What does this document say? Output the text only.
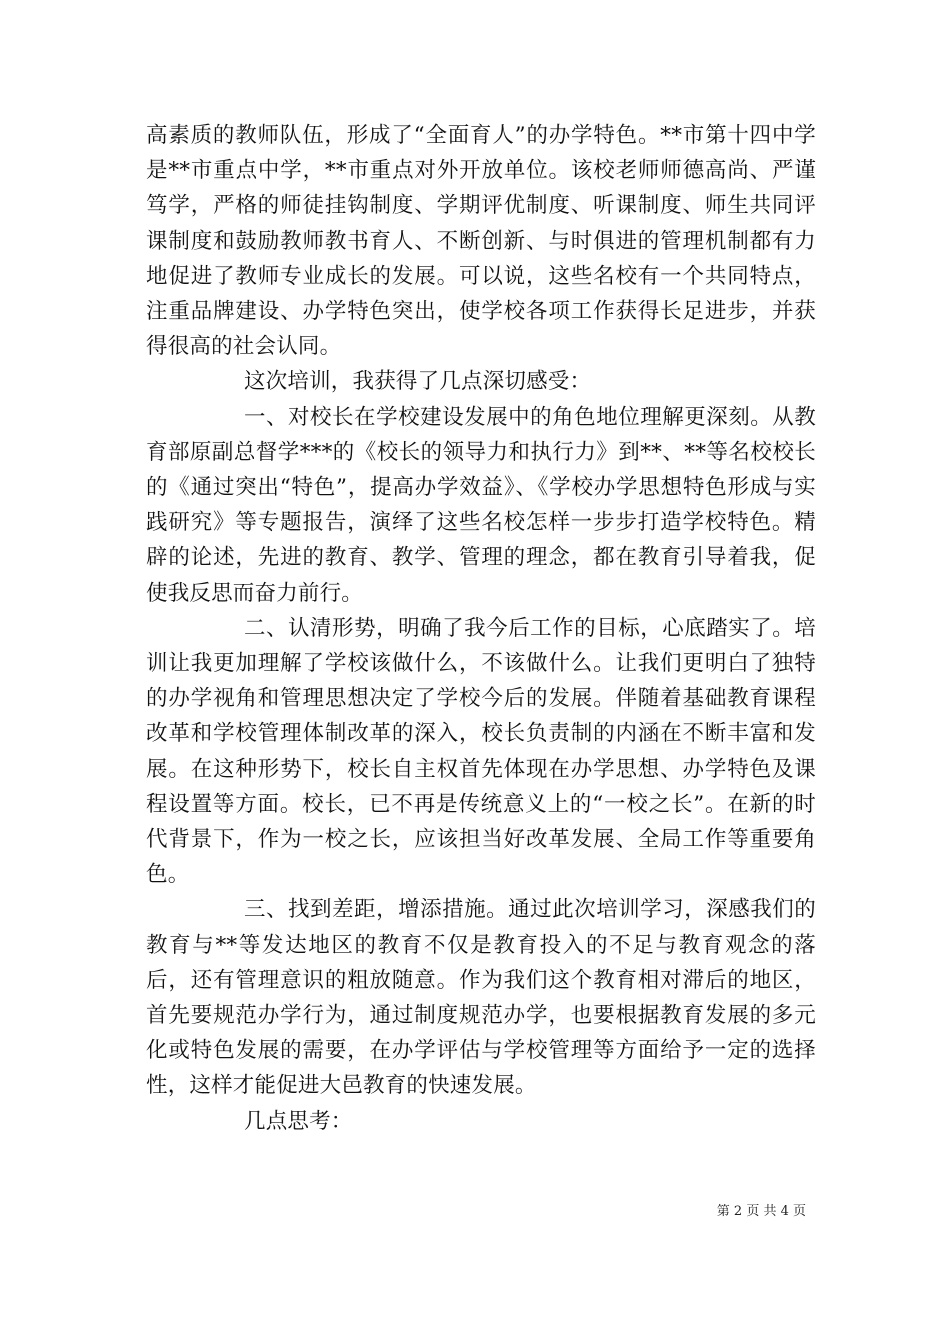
高素质的教师队伍，形成了“全面育人”的办学特色。**市第十四中学是**市重点中学，**市重点对外开放单位。该校老师师德高尚、严谨笃学，严格的师徒挂钩制度、学期评优制度、听课制度、师生共同评课制度和鼓励教师教书育人、不断创新、与时俱进的管理机制都有力地促进了教师专业成长的发展。可以说，这些名校有一个共同特点，注重品牌建设、办学特色突出，使学校各项工作获得长足进步，并获得很高的社会认同。

这次培训，我获得了几点深切感受：

一、对校长在学校建设发展中的角色地位理解更深刻。从教育部原副总督学***的《校长的领导力和执行力》到**、**等名校校长的《通过突出“特色”，提高办学效益》、《学校办学思想特色形成与实践研究》等专题报告，演绎了这些名校怎样一步步打造学校特色。精辟的论述，先进的教育、教学、管理的理念，都在教育引导着我，促使我反思而奋力前行。

二、认清形势，明确了我今后工作的目标，心底踏实了。培训让我更加理解了学校该做什么，不该做什么。让我们更明白了独特的办学视角和管理思想决定了学校今后的发展。伴随着基础教育课程改革和学校管理体制改革的深入，校长负责制的内涵在不断丰富和发展。在这种形势下，校长自主权首先体现在办学思想、办学特色及课程设置等方面。校长，已不再是传统意义上的“一校之长”。在新的时代背景下，作为一校之长，应该担当好改革发展、全局工作等重要角色。

三、找到差距，增添措施。通过此次培训学习，深感我们的教育与**等发达地区的教育不仅是教育投入的不足与教育观念的落后，还有管理意识的粗放随意。作为我们这个教育相对滞后的地区，首先要规范办学行为，通过制度规范办学，也要根据教育发展的多元化或特色发展的需要，在办学评估与学校管理等方面给予一定的选择性，这样才能促进大邑教育的快速发展。

几点思考：

第 2 页 共 4 页
